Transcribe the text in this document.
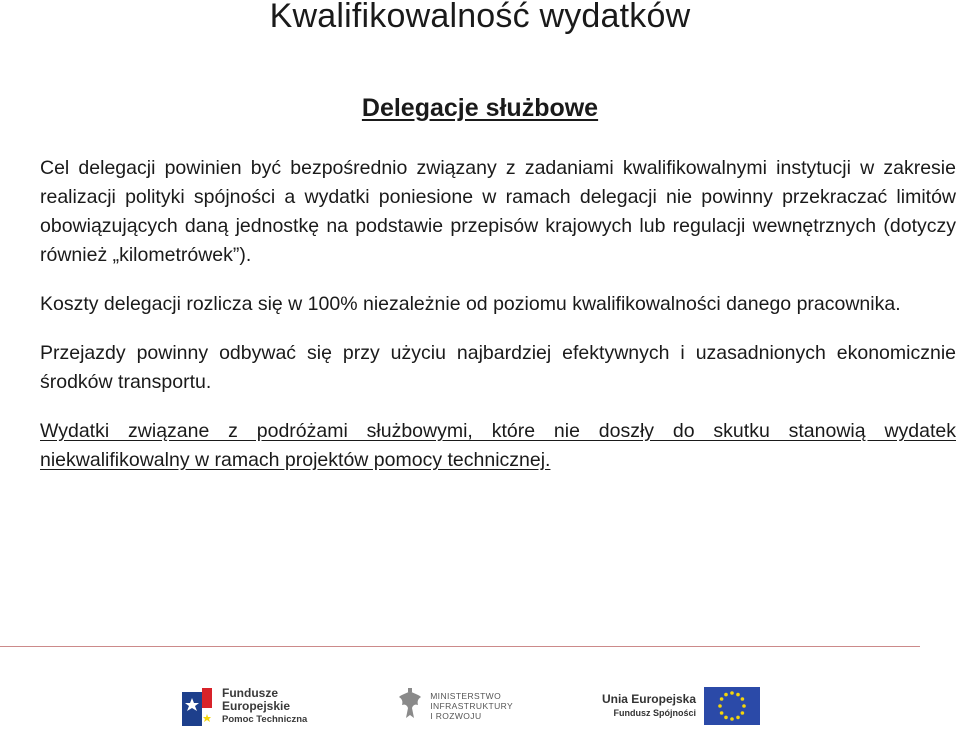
Kwalifikowalność wydatków
Delegacje służbowe

Cel delegacji powinien być bezpośrednio związany z zadaniami kwalifikowalnymi instytucji w zakresie realizacji polityki spójności a wydatki poniesione w ramach delegacji nie powinny przekraczać limitów obowiązujących daną jednostkę na podstawie przepisów krajowych lub regulacji wewnętrznych (dotyczy również „kilometrówek”).

Koszty delegacji rozlicza się w 100% niezależnie od poziomu kwalifikowalności danego pracownika.

Przejazdy powinny odbywać się przy użyciu najbardziej efektywnych i uzasadnionych ekonomicznie środków transportu.

Wydatki związane z podróżami służbowymi, które nie doszły do skutku stanowią wydatek niekwalifikowalny w ramach projektów pomocy technicznej.

Fundusze
Europejskie
Pomoc Techniczna
MINISTERSTWO
INFRASTRUKTURY
I ROZWOJU
Unia Europejska
Fundusz Spójności
